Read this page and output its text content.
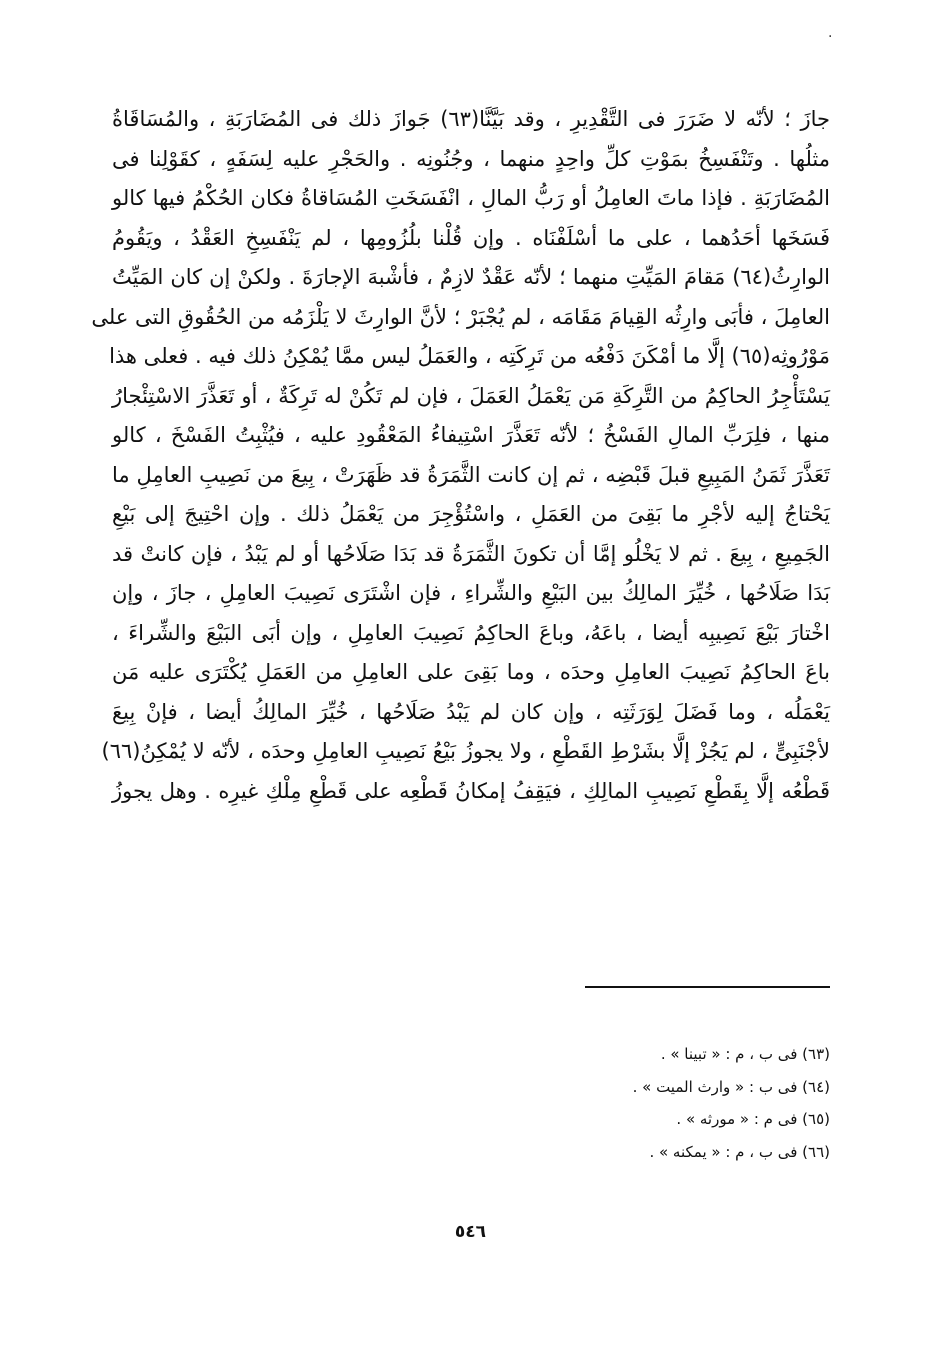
·
جازَ ؛ لأنّه لا ضَرَرَ فى التَّقْدِيرِ ، وقد بَيَّنَّا(٦٣) جَوازَ ذلك فى المُضَارَبَةِ ، والمُسَاقَاةُ
مثلُها . وتَنْفَسِخُ بمَوْتِ كلِّ واحِدٍ منهما ، وجُنُونِه . والحَجْرِ عليه لِسَفَهٍ ، كقَوْلِنا فى
المُضَارَبَةِ . فإذا ماتَ العامِلُ أو رَبُّ المالِ ، انْفَسَخَتِ المُسَاقاةُ فكان الحُكْمُ فيها كالو
فَسَخَها أحَدُهما ، على ما أسْلَفْنَاه . وإن قُلْنا بلُزُومِها ، لم يَنْفَسِخِ العَقْدُ ، ويَقُومُ
الوارِثُ(٦٤) مَقامَ المَيِّتِ منهما ؛ لأنّه عَقْدٌ لازِمٌ ، فأشْبهَ الإجارَةَ . ولكنْ إن كان المَيِّتُ
العامِلَ ، فأبَى وارِثُه القِيامَ مَقَامَه ، لم يُجْبَرْ ؛ لأنَّ الوارِثَ لا يَلْزَمُه من الحُقُوقِ التى على
مَوْرُوثِه(٦٥) إلَّا ما أمْكَنَ دَفْعُه من تَرِكَتِه ، والعَمَلُ ليس ممَّا يُمْكِنُ ذلك فيه . فعلى هذا
يَسْتَأْجِرُ الحاكِمُ من التَّرِكَةِ مَن يَعْمَلُ العَمَلَ ، فإن لم تَكُنْ له تَرِكَةٌ ، أو تَعَذَّرَ الاسْتِئْجارُ
منها ، فلِرَبِّ المالِ الفَسْخُ ؛ لأنّه تَعَذَّرَ اسْتِيفاءُ المَعْقُودِ عليه ، فيُثْبِتُ الفَسْخَ ، كالو
تَعَذَّرَ ثَمَنُ المَبِيعِ قبلَ قَبْضِه ، ثم إن كانت الثَّمَرَةُ قد ظَهَرَتْ ، بِيعَ من نَصِيبِ العامِلِ ما
يَحْتاجُ إليه لأجْرِ ما بَقِىَ من العَمَلِ ، واسْتُؤْجِرَ من يَعْمَلُ ذلك . وإن احْتِيجَ إلى بَيْعِ
الجَمِيعِ ، بِيعَ . ثم لا يَخْلُو إمَّا أن تكونَ الثَّمَرَةُ قد بَدَا صَلَاحُها أو لم يَبْدُ ، فإن كانتْ قد
بَدَا صَلَاحُها ، خُيِّرَ المالِكُ بين البَيْعِ والشِّراءِ ، فإن اشْتَرَى نَصِيبَ العامِلِ ، جازَ ، وإن
اخْتارَ بَيْعَ نَصِيبِه أيضا ، باعَهُ، وباعَ الحاكِمُ نَصِيبَ العامِلِ ، وإن أبَى البَيْعَ والشِّراءَ ،
باعَ الحاكِمُ نَصِيبَ العامِلِ وحدَه ، وما بَقِىَ على العامِلِ من العَمَلِ يُكْتَرَى عليه مَن
يَعْمَلُه ، وما فَضَلَ لِوَرَثَتِه ، وإن كان لم يَبْدُ صَلَاحُها ، خُيِّرَ المالِكُ أيضا ، فإنْ بِيعَ
لأجْنَبِىٍّ ، لم يَجُزْ إلَّا بشَرْطِ القَطْعِ ، ولا يجوزُ بَيْعُ نَصِيبِ العامِلِ وحدَه ، لأنّه لا يُمْكِنُ(٦٦)
قَطْعُه إلَّا بِقَطْعِ نَصِيبِ المالِكِ ، فيَقِفُ إمكانُ قَطْعِه على قَطْعِ مِلْكِ غيرِه . وهل يجوزُ
(٦٣) فى ب ، م : « تبينا » .
(٦٤) فى ب : « وارث الميت » .
(٦٥) فى م : « مورثه » .
(٦٦) فى ب ، م : « يمكنه » .
٥٤٦
